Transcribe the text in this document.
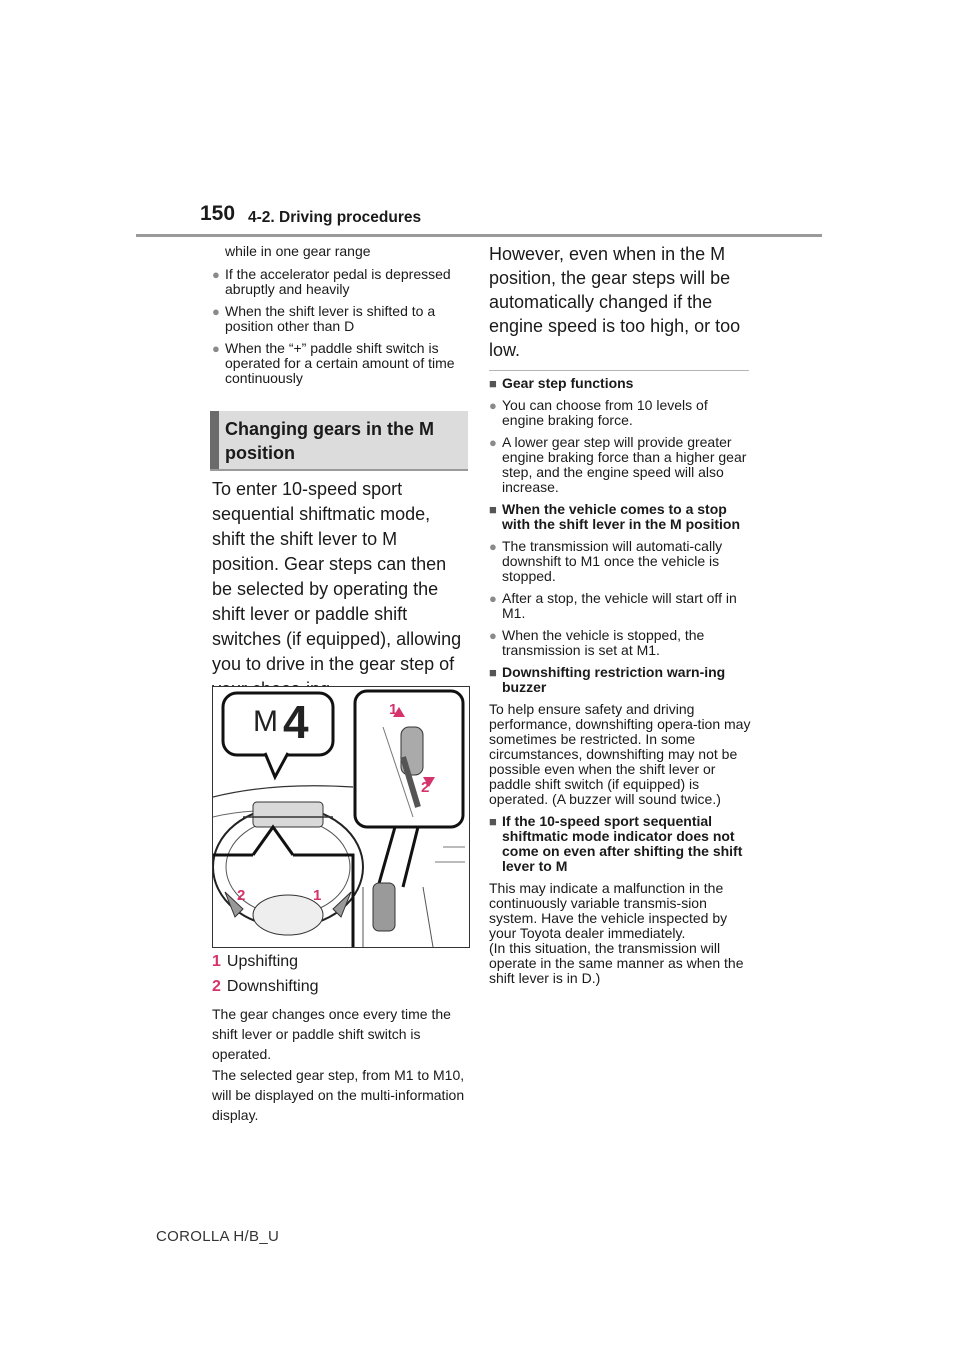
150 4-2. Driving procedures
while in one gear range
● If the accelerator pedal is depressed abruptly and heavily
● When the shift lever is shifted to a position other than D
● When the “+” paddle shift switch is operated for a certain amount of time continuously
Changing gears in the M position
To enter 10-speed sport sequential shiftmatic mode, shift the shift lever to M position. Gear steps can then be selected by operating the shift lever or paddle shift switches (if equipped), allowing you to drive in the gear step of
M 4	1
2
2	1
1 Upshifting
2 Downshifting
The gear changes once every time the shift lever or paddle shift switch is operated.
The selected gear step, from M1 to M10, will be displayed on the multi-information display.
However, even when in the M position, the gear steps will be automatically changed if the engine speed is too high, or too low.
■ Gear step functions
● You can choose from 10 levels of engine braking force.
● A lower gear step will provide greater engine braking force than a higher gear step, and the engine speed will also increase.
■ When the vehicle comes to a stop with the shift lever in the M position
● The transmission will automati-cally downshift to M1 once the vehicle is stopped.
● After a stop, the vehicle will start off in M1.
● When the vehicle is stopped, the transmission is set at M1.
■ Downshifting restriction warn-ing buzzer
To help ensure safety and driving performance, downshifting opera-tion may sometimes be restricted. In some circumstances, downshifting may not be possible even when the shift lever or paddle shift switch (if equipped) is operated. (A buzzer will sound twice.)
■ If the 10-speed sport sequential shiftmatic mode indicator does not come on even after shifting the shift lever to M
This may indicate a malfunction in the continuously variable transmis-sion system. Have the vehicle inspected by your Toyota dealer immediately.
(In this situation, the transmission will operate in the same manner as when the shift lever is in D.)
COROLLA H/B_U
